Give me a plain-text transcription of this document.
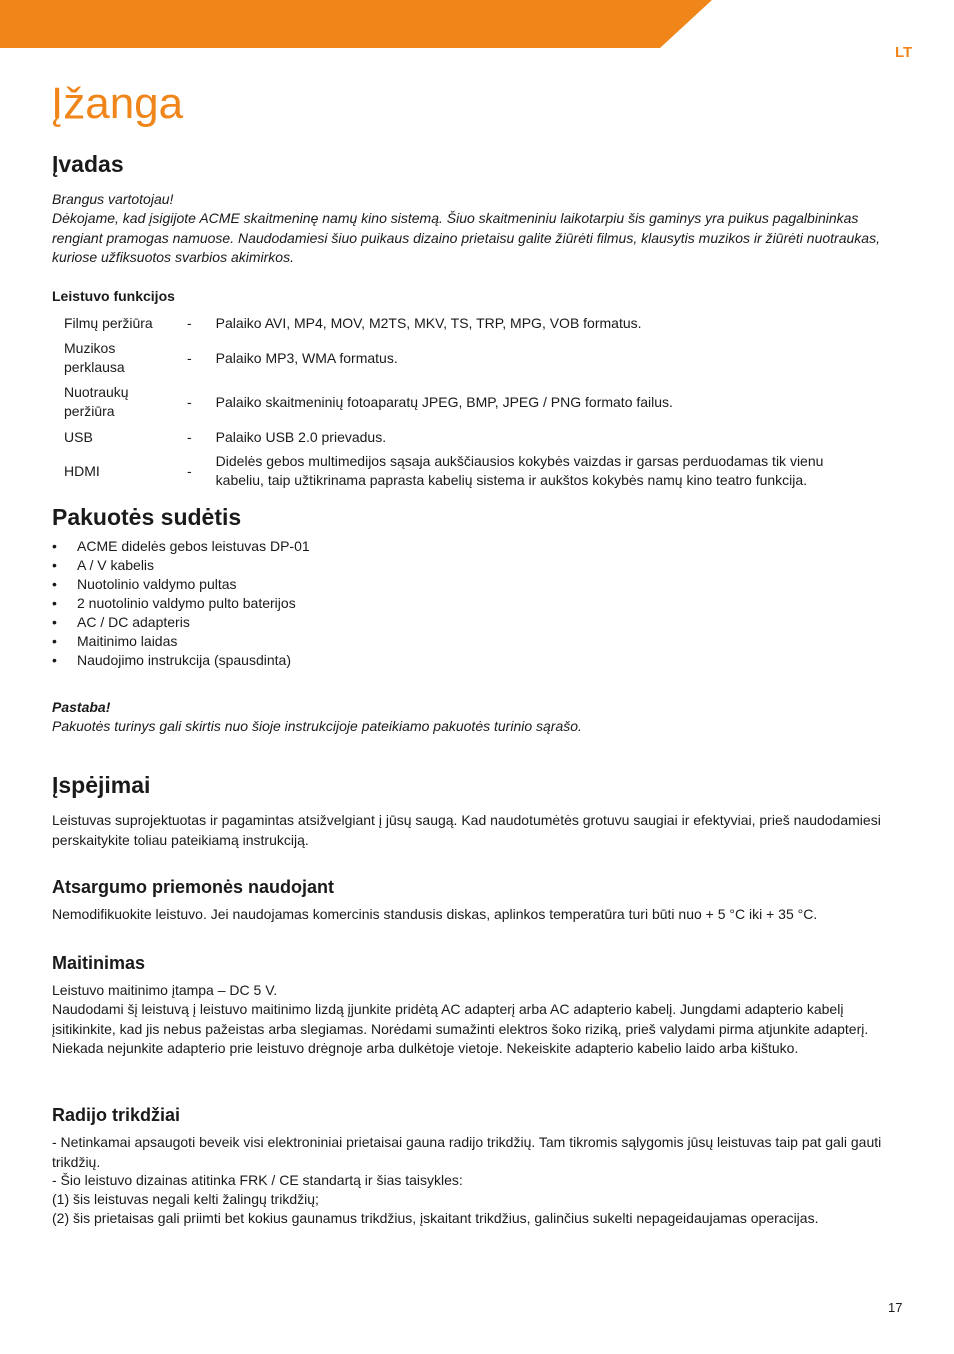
LT
Įžanga
Įvadas

Brangus vartotojau!

Dėkojame, kad įsigijote ACME skaitmeninę namų kino sistemą. Šiuo skaitmeniniu laikotarpiu šis gaminys yra puikus pagalbininkas rengiant pramogas namuose. Naudodamiesi šiuo puikaus dizaino prietaisu galite žiūrėti filmus, klausytis muzikos ir žiūrėti nuotraukas, kuriose užfiksuotos svarbios akimirkos.

Leistuvo funkcijos
Filmų peržiūra	-	Palaiko AVI, MP4, MOV, M2TS, MKV, TS, TRP, MPG, VOB formatus.
Muzikos perklausa	-	Palaiko MP3, WMA formatus.
Nuotraukų peržiūra	-	Palaiko skaitmeninių fotoaparatų JPEG, BMP, JPEG / PNG formato failus.
USB	-	Palaiko USB 2.0 prievadus.
HDMI	-	Didelės gebos multimedijos sąsaja aukščiausios kokybės vaizdas ir garsas perduodamas tik vienu kabeliu, taip užtikrinama paprasta kabelių sistema ir aukštos kokybės namų kino teatro funkcija.
Pakuotės sudėtis
• ACME didelės gebos leistuvas DP-01
• A / V kabelis
• Nuotolinio valdymo pultas
• 2 nuotolinio valdymo pulto baterijos
• AC / DC adapteris
• Maitinimo laidas
• Naudojimo instrukcija (spausdinta)

Pastaba!

Pakuotės turinys gali skirtis nuo šioje instrukcijoje pateikiamo pakuotės turinio sąrašo.

Įspėjimai

Leistuvas suprojektuotas ir pagamintas atsižvelgiant į jūsų saugą. Kad naudotumėtės grotuvu saugiai ir efektyviai, prieš naudodamiesi perskaitykite toliau pateikiamą instrukciją.

Atsargumo priemonės naudojant

Nemodifikuokite leistuvo. Jei naudojamas komercinis standusis diskas, aplinkos temperatūra turi būti nuo + 5 °C iki + 35 °C.

Maitinimas

Leistuvo maitinimo įtampa – DC 5 V.

Naudodami šį leistuvą į leistuvo maitinimo lizdą įjunkite pridėtą AC adapterį arba AC adapterio kabelį. Jungdami adapterio kabelį įsitikinkite, kad jis nebus pažeistas arba slegiamas. Norėdami sumažinti elektros šoko riziką, prieš valydami pirma atjunkite adapterį. Niekada nejunkite adapterio prie leistuvo drėgnoje arba dulkėtoje vietoje. Nekeiskite adapterio kabelio laido arba kištuko.

Radijo trikdžiai

- Netinkamai apsaugoti beveik visi elektroniniai prietaisai gauna radijo trikdžių. Tam tikromis sąlygomis jūsų leistuvas taip pat gali gauti trikdžių.

- Šio leistuvo dizainas atitinka FRK / CE standartą ir šias taisykles:

(1) šis leistuvas negali kelti žalingų trikdžių;

(2) šis prietaisas gali priimti bet kokius gaunamus trikdžius, įskaitant trikdžius, galinčius sukelti nepageidaujamas operacijas.

17
